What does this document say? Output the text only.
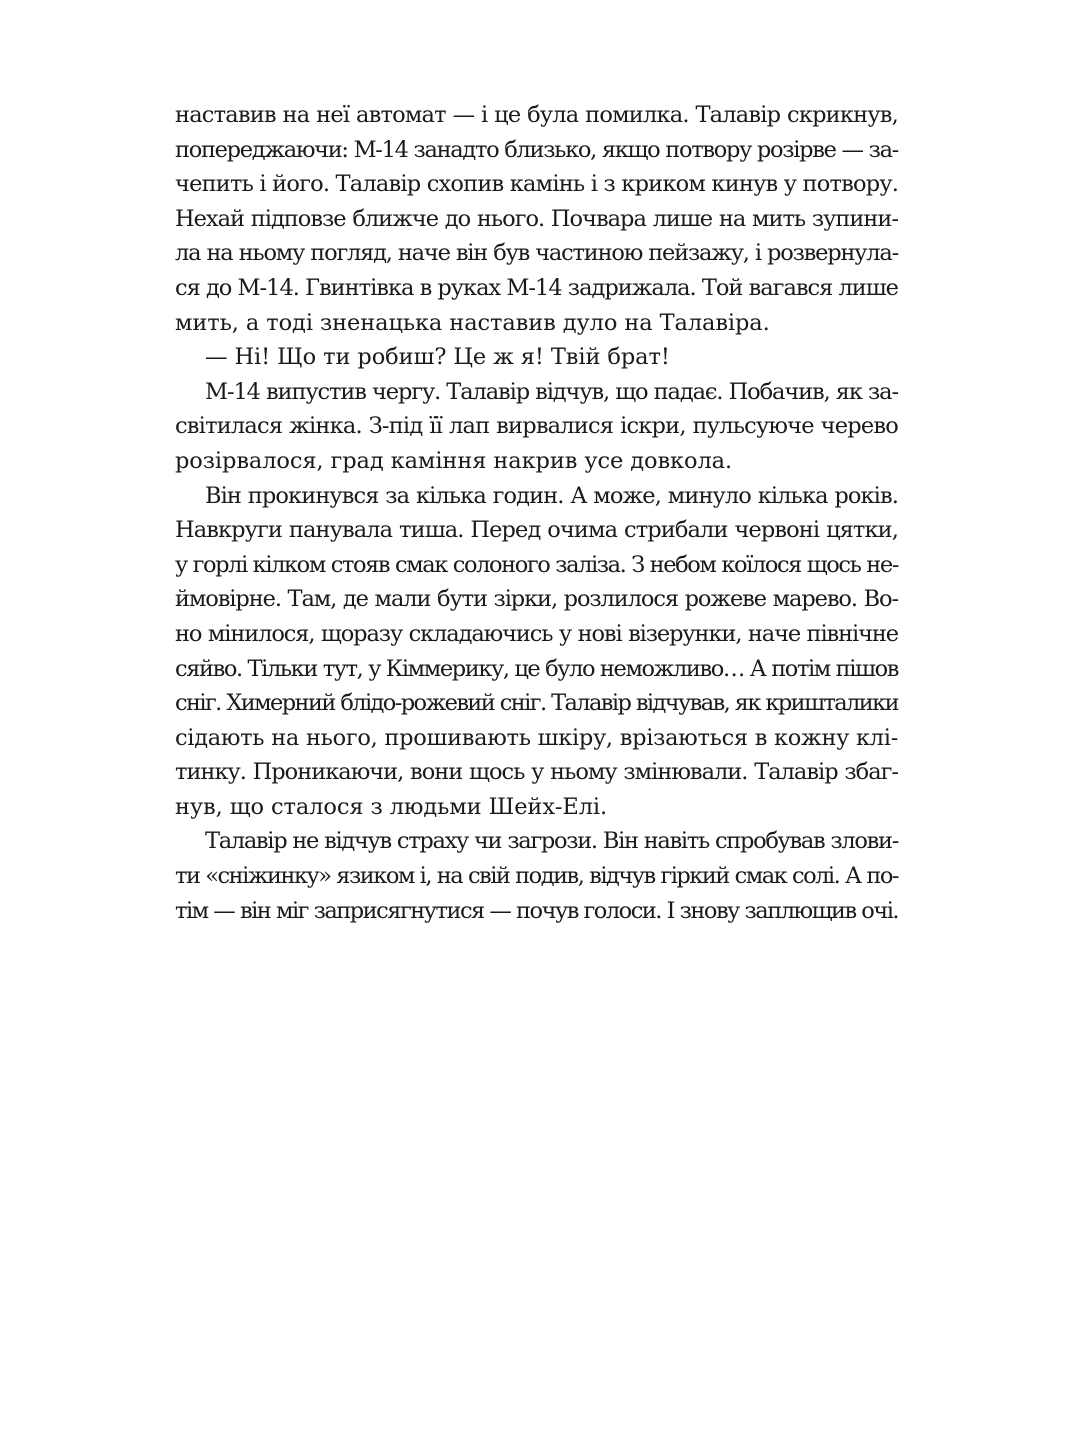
наставив на неї автомат — і це була помилка. Талавір скрикнув,
попереджаючи: М-14 занадто близько, якщо потвору розірве — за-
чепить і його. Талавір схопив камінь і з криком кинув у потвору.
Нехай підповзе ближче до нього. Почвара лише на мить зупини-
ла на ньому погляд, наче він був частиною пейзажу, і розвернула-
ся до М-14. Гвинтівка в руках М-14 задрижала. Той вагався лише
мить, а тоді зненацька наставив дуло на Талавіра.
— Ні! Що ти робиш? Це ж я! Твій брат!
М-14 випустив чергу. Талавір відчув, що падає. Побачив, як за-
світилася жінка. З-під її лап вирвалися іскри, пульсуюче черево
розірвалося, град каміння накрив усе довкола.
Він прокинувся за кілька годин. А може, минуло кілька років.
Навкруги панувала тиша. Перед очима стрибали червоні цятки,
у горлі кілком стояв смак солоного заліза. З небом коїлося щось не-
ймовірне. Там, де мали бути зірки, розлилося рожеве марево. Во-
но мінилося, щоразу складаючись у нові візерунки, наче північне
сяйво. Тільки тут, у Кіммерику, це було неможливо… А потім пішов
сніг. Химерний блідо-рожевий сніг. Талавір відчував, як кришталики
сідають на нього, прошивають шкіру, врізаються в кожну клі-
тинку. Проникаючи, вони щось у ньому змінювали. Талавір збаг-
нув, що сталося з людьми Шейх-Елі.
Талавір не відчув страху чи загрози. Він навіть спробував злови-
ти «сніжинку» язиком і, на свій подив, відчув гіркий смак солі. А по-
тім — він міг заприсягнутися — почув голоси. І знову заплющив очі.
